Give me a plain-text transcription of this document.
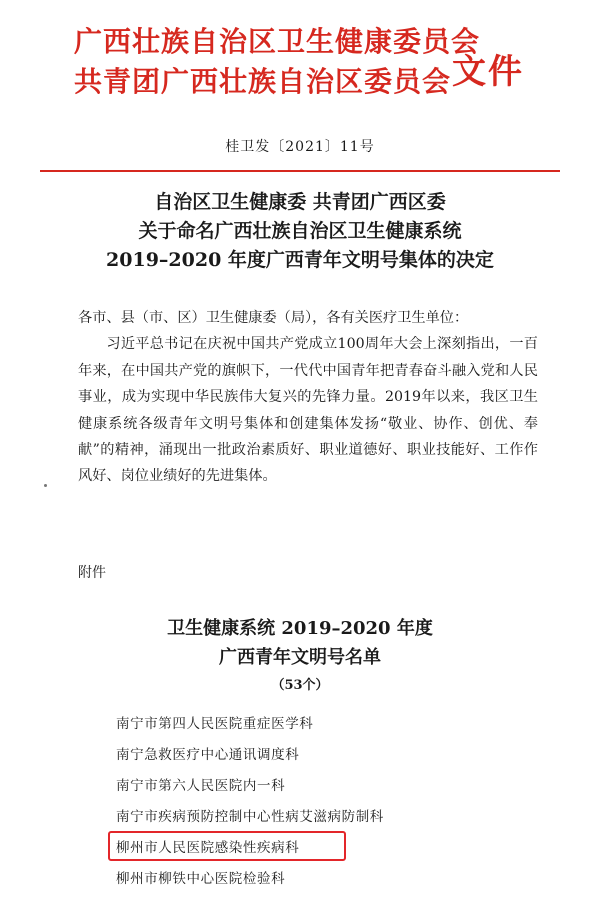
广西壮族自治区卫生健康委员会
共青团广西壮族自治区委员会 文件
桂卫发〔2021〕11号
自治区卫生健康委 共青团广西区委
关于命名广西壮族自治区卫生健康系统
2019–2020 年度广西青年文明号集体的决定

各市、县（市、区）卫生健康委（局），各有关医疗卫生单位：

习近平总书记在庆祝中国共产党成立100周年大会上深刻指出，一百年来，在中国共产党的旗帜下，一代代中国青年把青春奋斗融入党和人民事业，成为实现中华民族伟大复兴的先锋力量。2019年以来，我区卫生健康系统各级青年文明号集体和创建集体发扬“敬业、协作、创优、奉献”的精神，涌现出一批政治素质好、职业道德好、职业技能好、工作作风好、岗位业绩好的先进集体。

附件
卫生健康系统 2019–2020 年度
广西青年文明号名单
（53个）
南宁市第四人民医院重症医学科
南宁急救医疗中心通讯调度科
南宁市第六人民医院内一科
南宁市疾病预防控制中心性病艾滋病防制科
柳州市人民医院感染性疾病科
柳州市柳铁中心医院检验科
